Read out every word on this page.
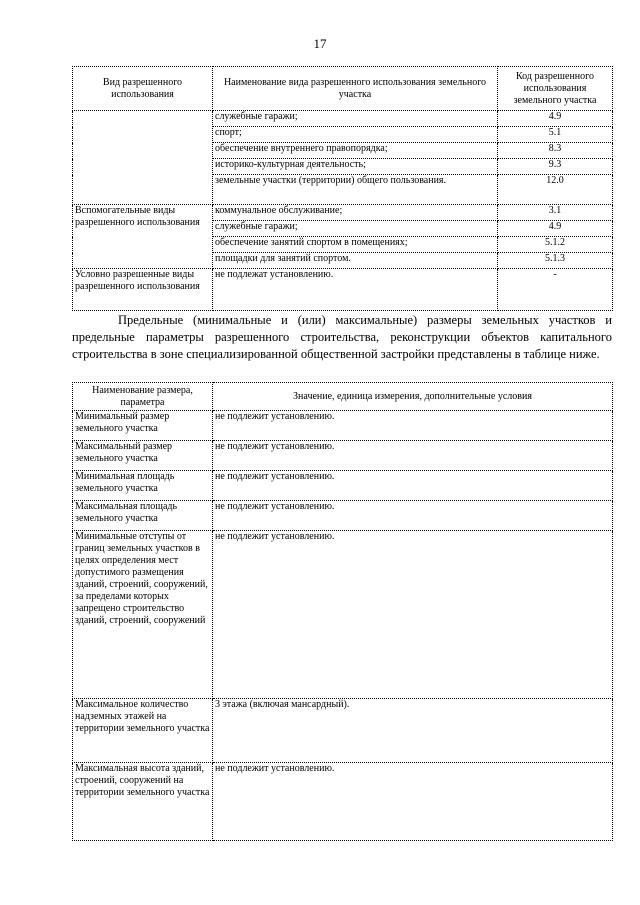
17
Вид разрешенного использования	Наименование вида разрешенного использования земельного участка	Код разрешенного использования земельного участка
	служебные гаражи;	4.9
	спорт;	5.1
	обеспечение внутреннего правопорядка;	8.3
	историко-культурная деятельность;	9.3
	земельные участки (территории) общего пользования.	12.0
Вспомогательные виды разрешенного использования	коммунальное обслуживание;	3.1
	служебные гаражи;	4.9
	обеспечение занятий спортом в помещениях;	5.1.2
	площадки для занятий спортом.	5.1.3
Условно разрешенные виды разрешенного использования	не подлежат установлению.	-

Предельные (минимальные и (или) максимальные) размеры земельных участков и предельные параметры разрешенного строительства, реконструкции объектов капитального строительства в зоне специализированной общественной застройки представлены в таблице ниже.

Наименование размера, параметра	Значение, единица измерения, дополнительные условия
Минимальный размер земельного участка	не подлежит установлению.
Максимальный размер земельного участка	не подлежит установлению.
Минимальная площадь земельного участка	не подлежит установлению.
Максимальная площадь земельного участка	не подлежит установлению.
Минимальные отступы от границ земельных участков в целях определения мест допустимого размещения зданий, строений, сооружений, за пределами которых запрещено строительство зданий, строений, сооружений	не подлежит установлению.
Максимальное количество надземных этажей на территории земельного участка	3 этажа (включая мансардный).
Максимальная высота зданий, строений, сооружений на территории земельного участка	не подлежит установлению.
